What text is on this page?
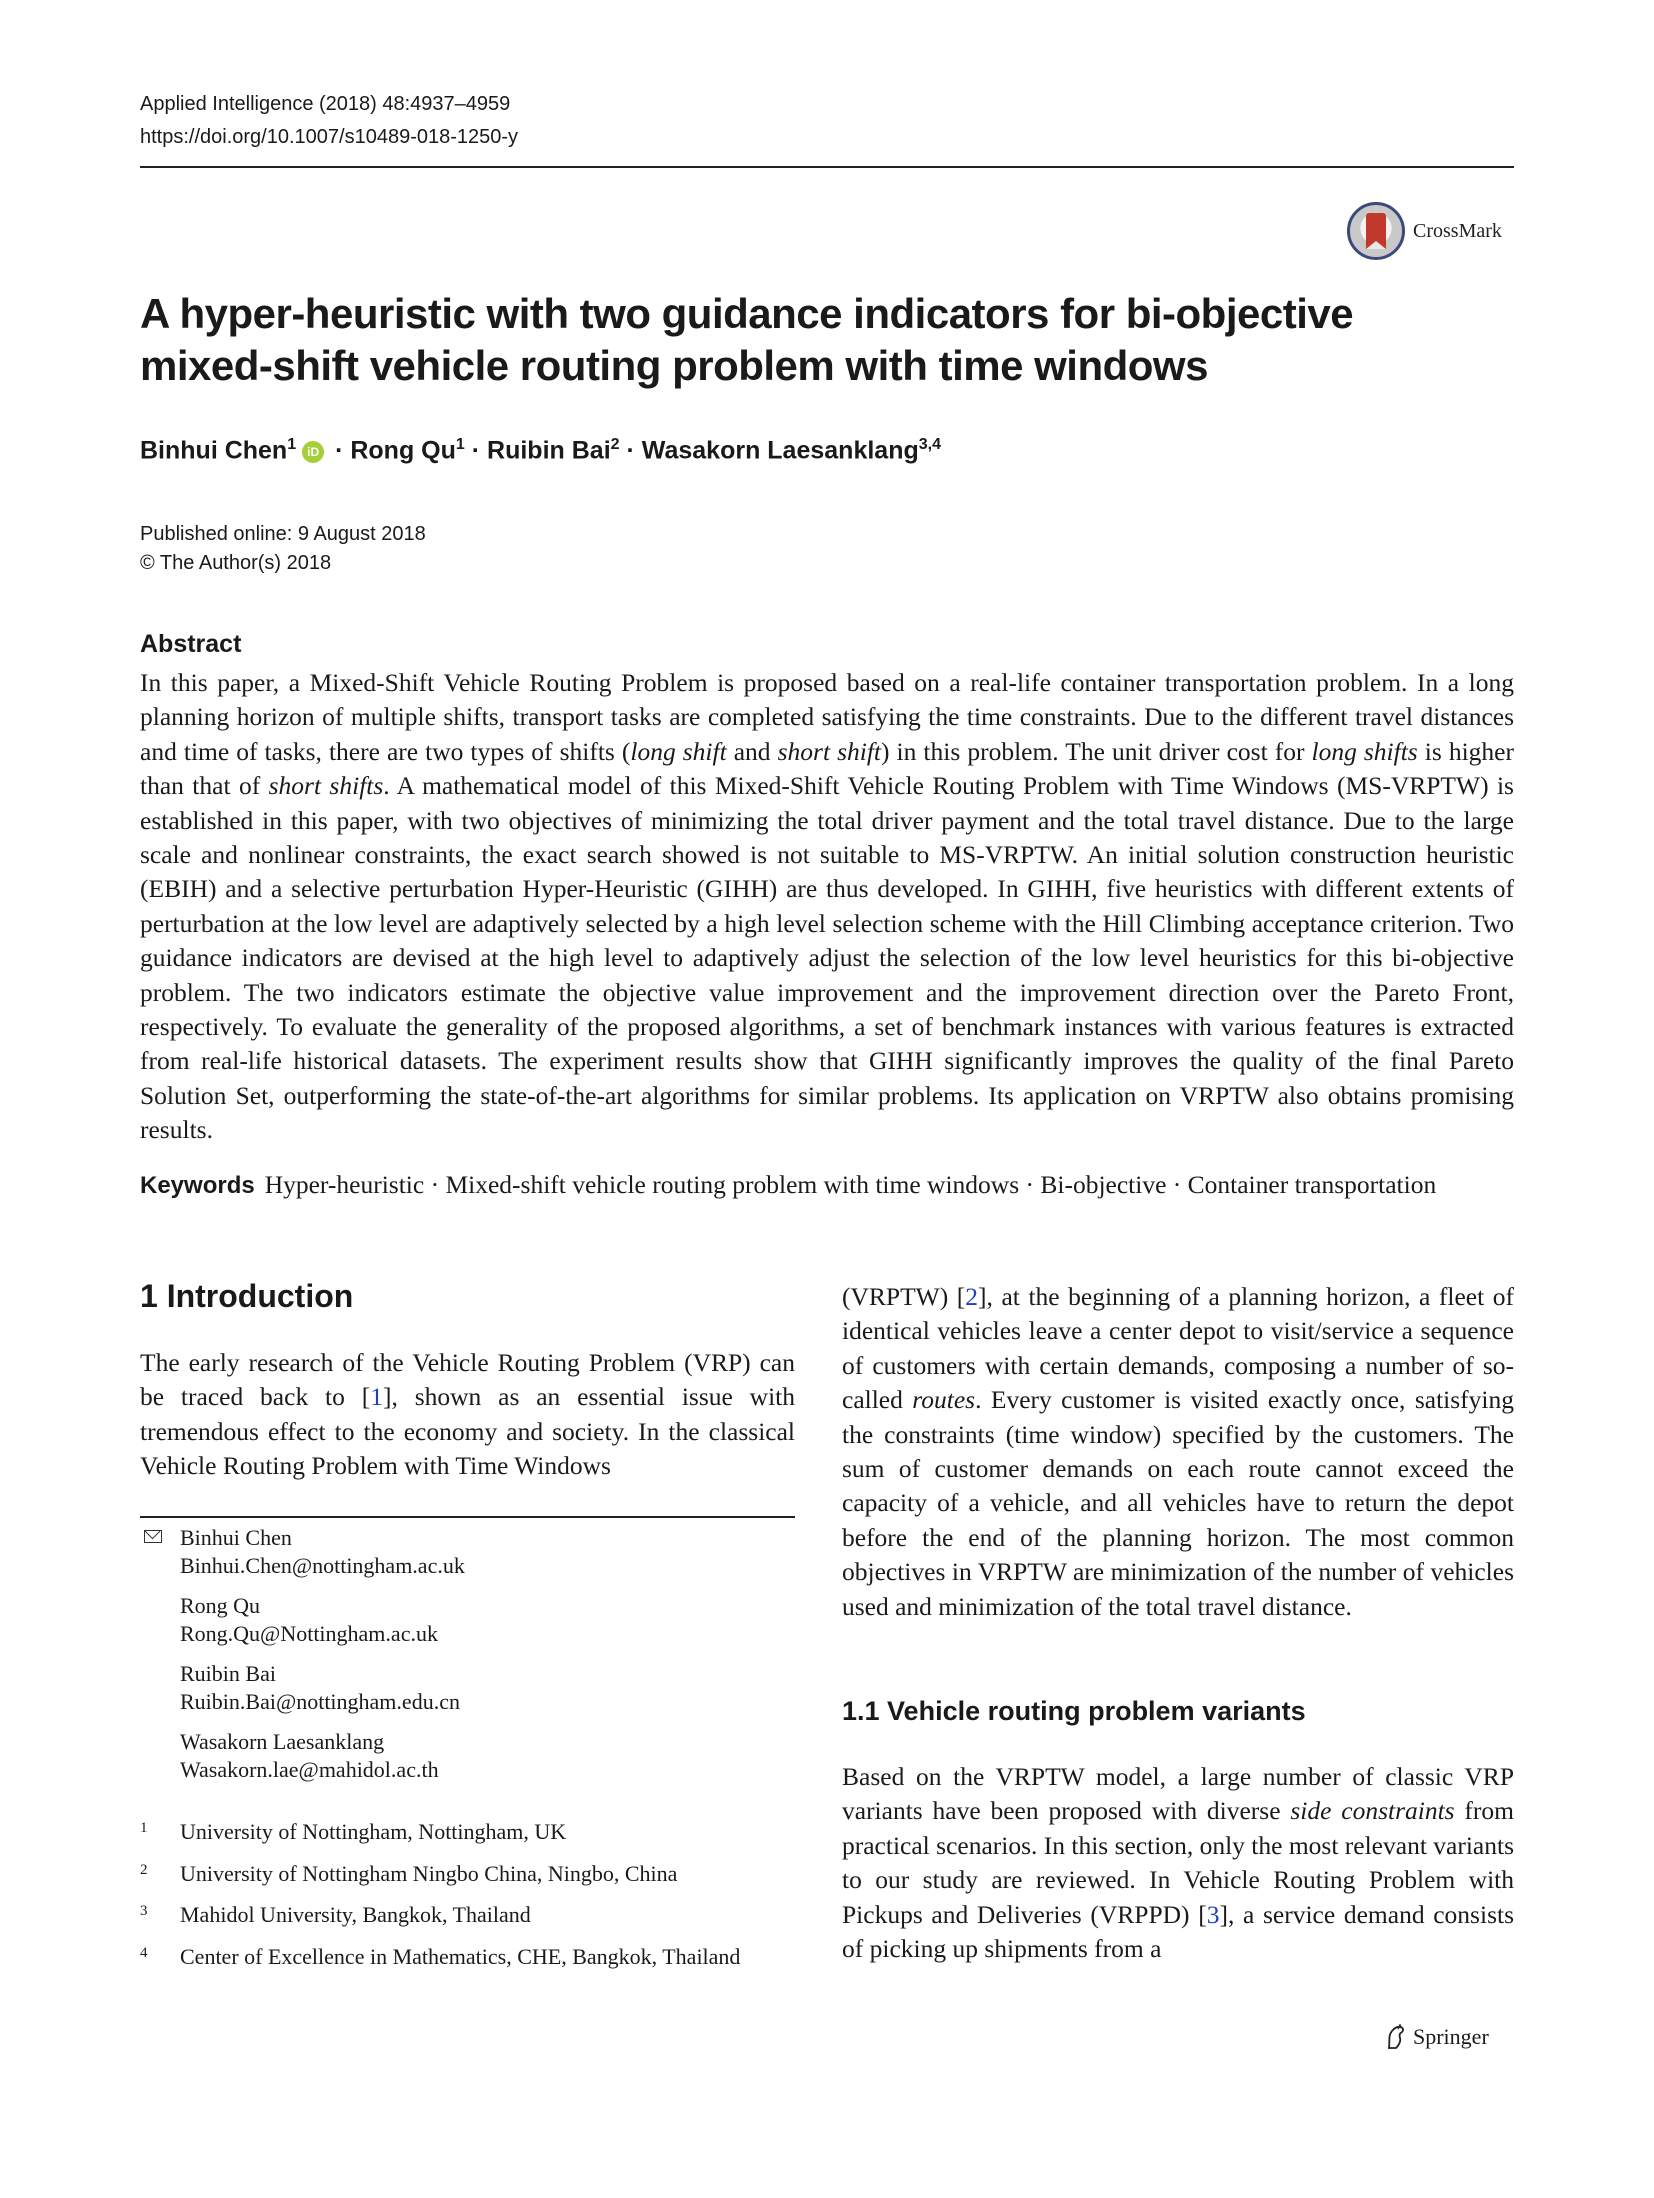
Applied Intelligence (2018) 48:4937–4959
https://doi.org/10.1007/s10489-018-1250-y
CrossMark
A hyper-heuristic with two guidance indicators for bi-objective mixed-shift vehicle routing problem with time windows
Binhui Chen$^1$ iD · Rong $Qu^1$ · Ruibin Bai$^2$ · Wasakorn Laesanklang$^{3,4}$
Published online: 9 August 2018
© The Author(s) 2018
Abstract
In this paper, a Mixed-Shift Vehicle Routing Problem is proposed based on a real-life container transportation problem. In a long planning horizon of multiple shifts, transport tasks are completed satisfying the time constraints. Due to the different travel distances and time of tasks, there are two types of shifts (long shift and short shift) in this problem. The unit driver cost for long shifts is higher than that of short shifts. A mathematical model of this Mixed-Shift Vehicle Routing Problem with Time Windows (MS-VRPTW) is established in this paper, with two objectives of minimizing the total driver payment and the total travel distance. Due to the large scale and nonlinear constraints, the exact search showed is not suitable to MS-VRPTW. An initial solution construction heuristic (EBIH) and a selective perturbation Hyper-Heuristic (GIHH) are thus developed. In GIHH, five heuristics with different extents of perturbation at the low level are adaptively selected by a high level selection scheme with the Hill Climbing acceptance criterion. Two guidance indicators are devised at the high level to adaptively adjust the selection of the low level heuristics for this bi-objective problem. The two indicators estimate the objective value improvement and the improvement direction over the Pareto Front, respectively. To evaluate the generality of the proposed algorithms, a set of benchmark instances with various features is extracted from real-life historical datasets. The experiment results show that GIHH significantly improves the quality of the final Pareto Solution Set, outperforming the state-of-the-art algorithms for similar problems. Its application on VRPTW also obtains promising results.
Keywords Hyper-heuristic · Mixed-shift vehicle routing problem with time windows · Bi-objective · Container transportation
1 Introduction
The early research of the Vehicle Routing Problem (VRP) can be traced back to [1], shown as an essential issue with tremendous effect to the economy and society. In the classical Vehicle Routing Problem with Time Windows
Binhui Chen
Binhui.Chen@nottingham.ac.uk
Rong Qu
Rong.Qu@Nottingham.ac.uk
Ruibin Bai
Ruibin.Bai@nottingham.edu.cn
Wasakorn Laesanklang
Wasakorn.lae@mahidol.ac.th
1	University of Nottingham, Nottingham, UK
2	University of Nottingham Ningbo China, Ningbo, China
3	Mahidol University, Bangkok, Thailand
4	Center of Excellence in Mathematics, CHE, Bangkok, Thailand
(VRPTW) [2], at the beginning of a planning horizon, a fleet of identical vehicles leave a center depot to visit/service a sequence of customers with certain demands, composing a number of so-called routes. Every customer is visited exactly once, satisfying the constraints (time window) specified by the customers. The sum of customer demands on each route cannot exceed the capacity of a vehicle, and all vehicles have to return the depot before the end of the planning horizon. The most common objectives in VRPTW are minimization of the number of vehicles used and minimization of the total travel distance.
1.1 Vehicle routing problem variants
Based on the VRPTW model, a large number of classic VRP variants have been proposed with diverse side constraints from practical scenarios. In this section, only the most relevant variants to our study are reviewed. In Vehicle Routing Problem with Pickups and Deliveries (VRPPD) [3], a service demand consists of picking up shipments from a
Springer
